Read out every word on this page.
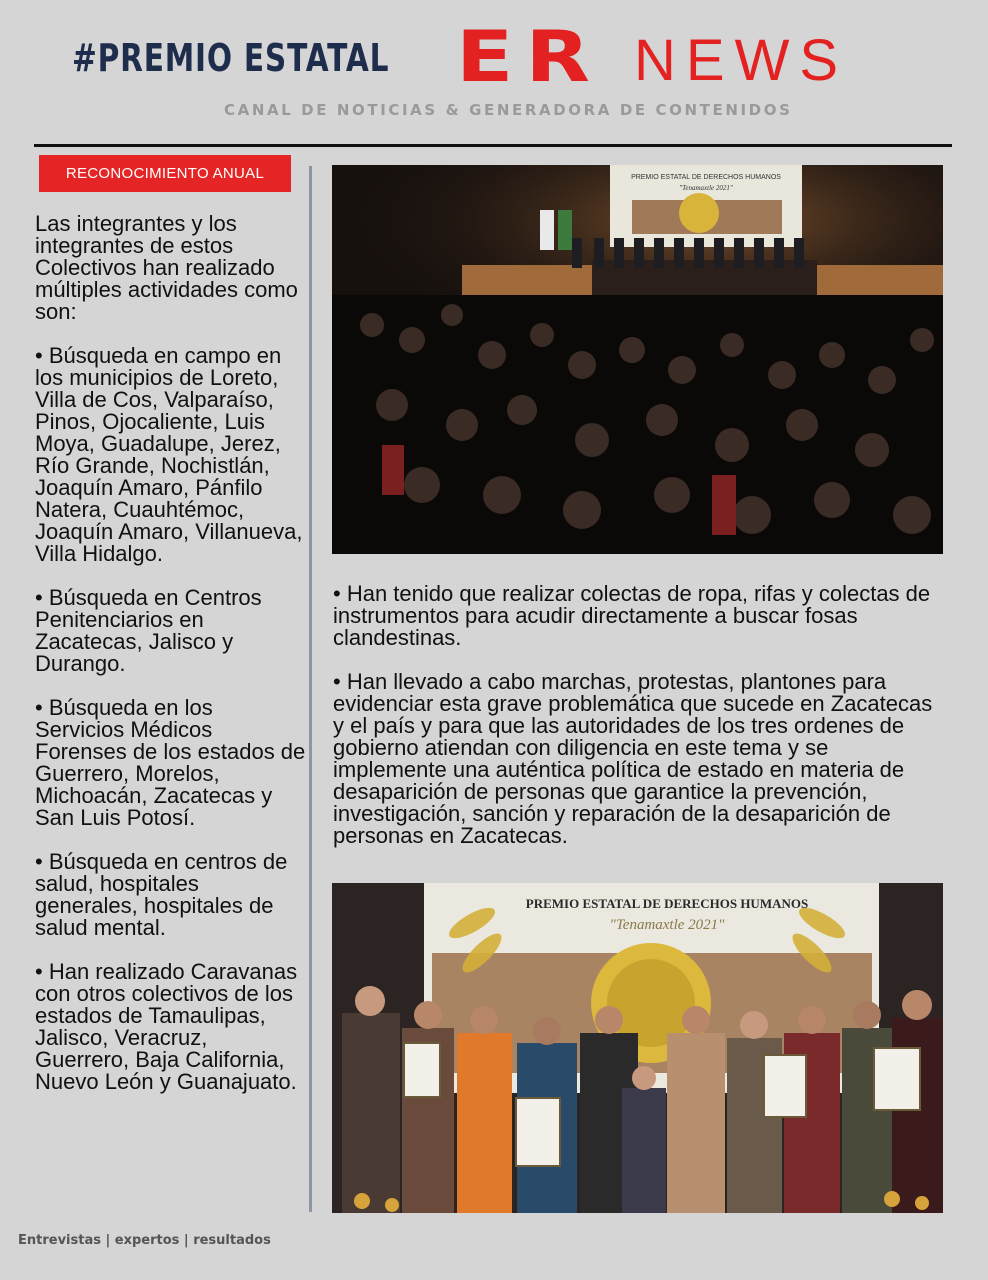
#PREMIO ESTATAL ER NEWS
CANAL DE NOTICIAS & GENERADORA DE CONTENIDOS
RECONOCIMIENTO ANUAL

Las integrantes y los integrantes de estos Colectivos han realizado múltiples actividades como son:

• Búsqueda en campo en los municipios de Loreto, Villa de Cos, Valparaíso, Pinos, Ojocaliente, Luis Moya, Guadalupe, Jerez, Río Grande, Nochistlán, Joaquín Amaro, Pánfilo Natera, Cuauhtémoc, Joaquín Amaro, Villanueva, Villa Hidalgo.

• Búsqueda en Centros Penitenciarios en Zacatecas, Jalisco y Durango.

• Búsqueda en los Servicios Médicos Forenses de los estados de Guerrero, Morelos, Michoacán, Zacatecas y San Luis Potosí.

• Búsqueda en centros de salud, hospitales generales, hospitales de salud mental.

• Han realizado Caravanas con otros colectivos de los estados de Tamaulipas, Jalisco, Veracruz, Guerrero, Baja California, Nuevo León y Guanajuato.

PREMIO ESTATAL DE DERECHOS HUMANOS
"Tenamaxtle 2021"

• Han tenido que realizar colectas de ropa, rifas y colectas de instrumentos para acudir directamente a buscar fosas clandestinas.

• Han llevado a cabo marchas, protestas, plantones para evidenciar esta grave problemática que sucede en Zacatecas y el país y para que las autoridades de los tres ordenes de gobierno atiendan con diligencia en este tema y se implemente una auténtica política de estado en materia de desaparición de personas que garantice la prevención, investigación, sanción y reparación de la desaparición de personas en Zacatecas.

PREMIO ESTATAL DE DERECHOS HUMANOS
"Tenamaxtle 2021"
Entrevistas | expertos | resultados
